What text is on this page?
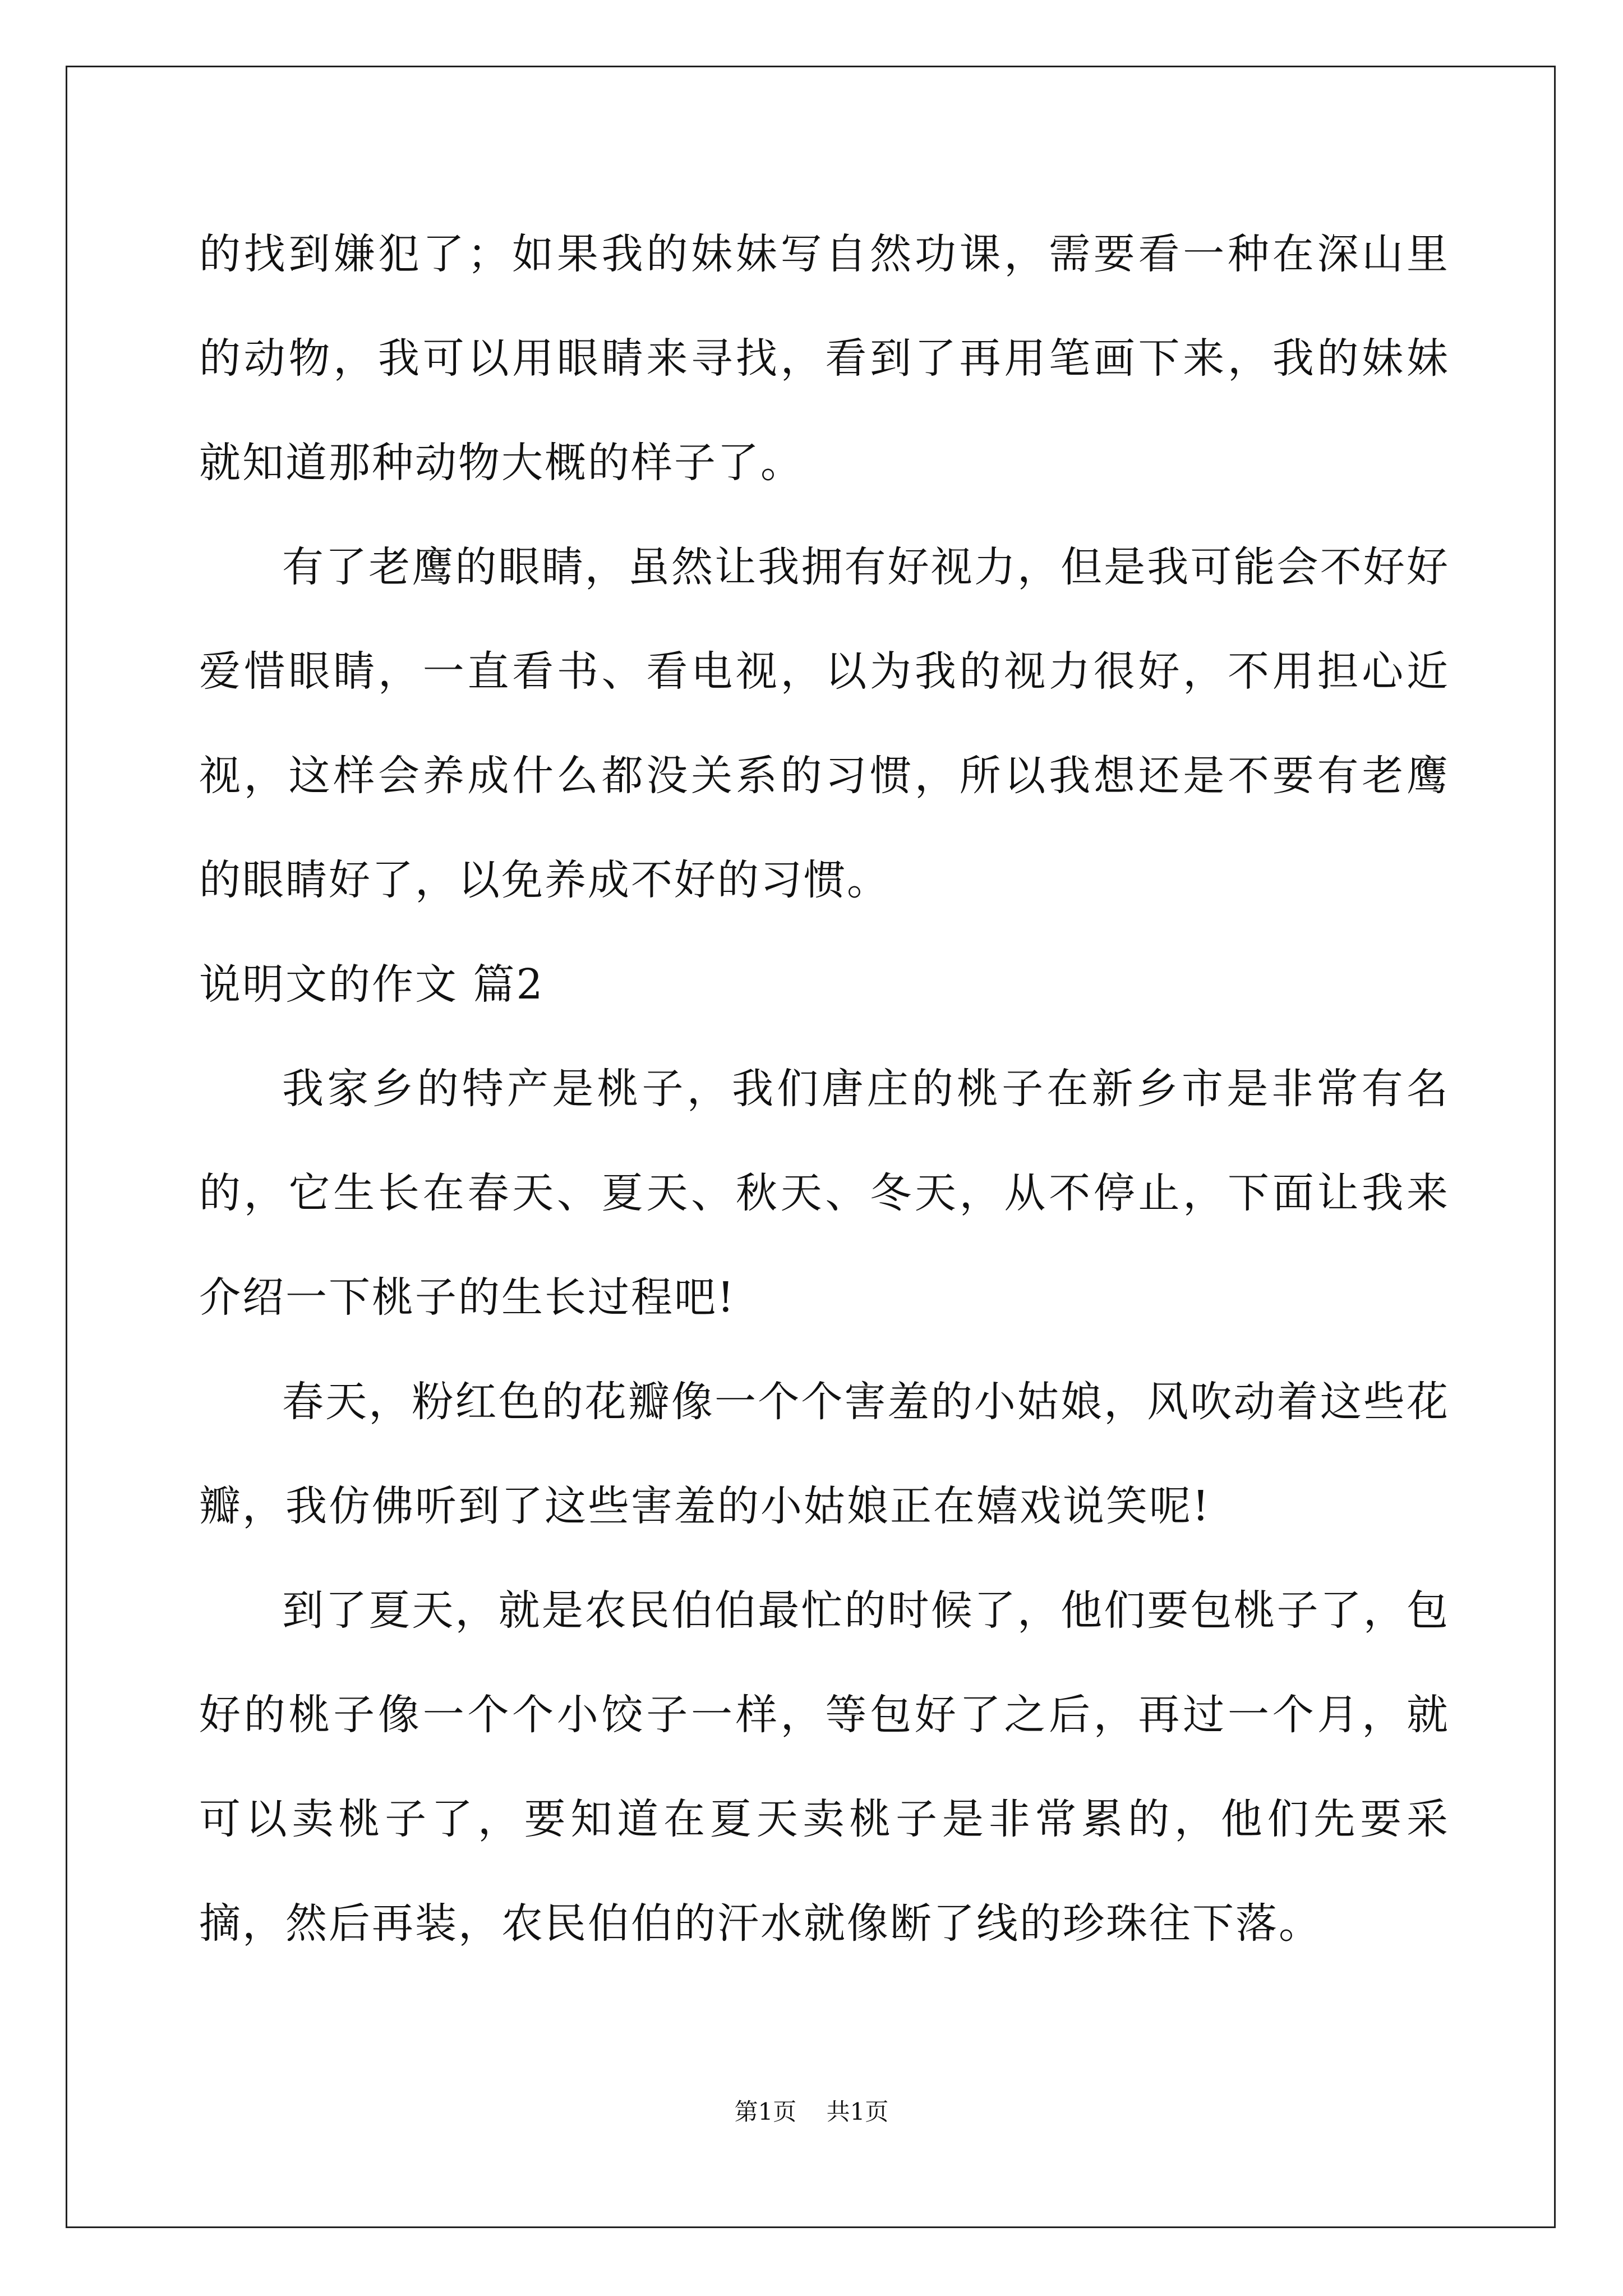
的找到嫌犯了；如果我的妹妹写自然功课，需要看一种在深山里的动物，我可以用眼睛来寻找，看到了再用笔画下来，我的妹妹就知道那种动物大概的样子了。

有了老鹰的眼睛，虽然让我拥有好视力，但是我可能会不好好爱惜眼睛，一直看书、看电视，以为我的视力很好，不用担心近视，这样会养成什么都没关系的习惯，所以我想还是不要有老鹰的眼睛好了，以免养成不好的习惯。

说明文的作文 篇2

我家乡的特产是桃子，我们唐庄的桃子在新乡市是非常有名的，它生长在春天、夏天、秋天、冬天，从不停止，下面让我来介绍一下桃子的生长过程吧!

春天，粉红色的花瓣像一个个害羞的小姑娘，风吹动着这些花瓣，我仿佛听到了这些害羞的小姑娘正在嬉戏说笑呢!

到了夏天，就是农民伯伯最忙的时候了，他们要包桃子了，包好的桃子像一个个小饺子一样，等包好了之后，再过一个月，就可以卖桃子了，要知道在夏天卖桃子是非常累的，他们先要采摘，然后再装，农民伯伯的汗水就像断了线的珍珠往下落。

第1页 共1页
